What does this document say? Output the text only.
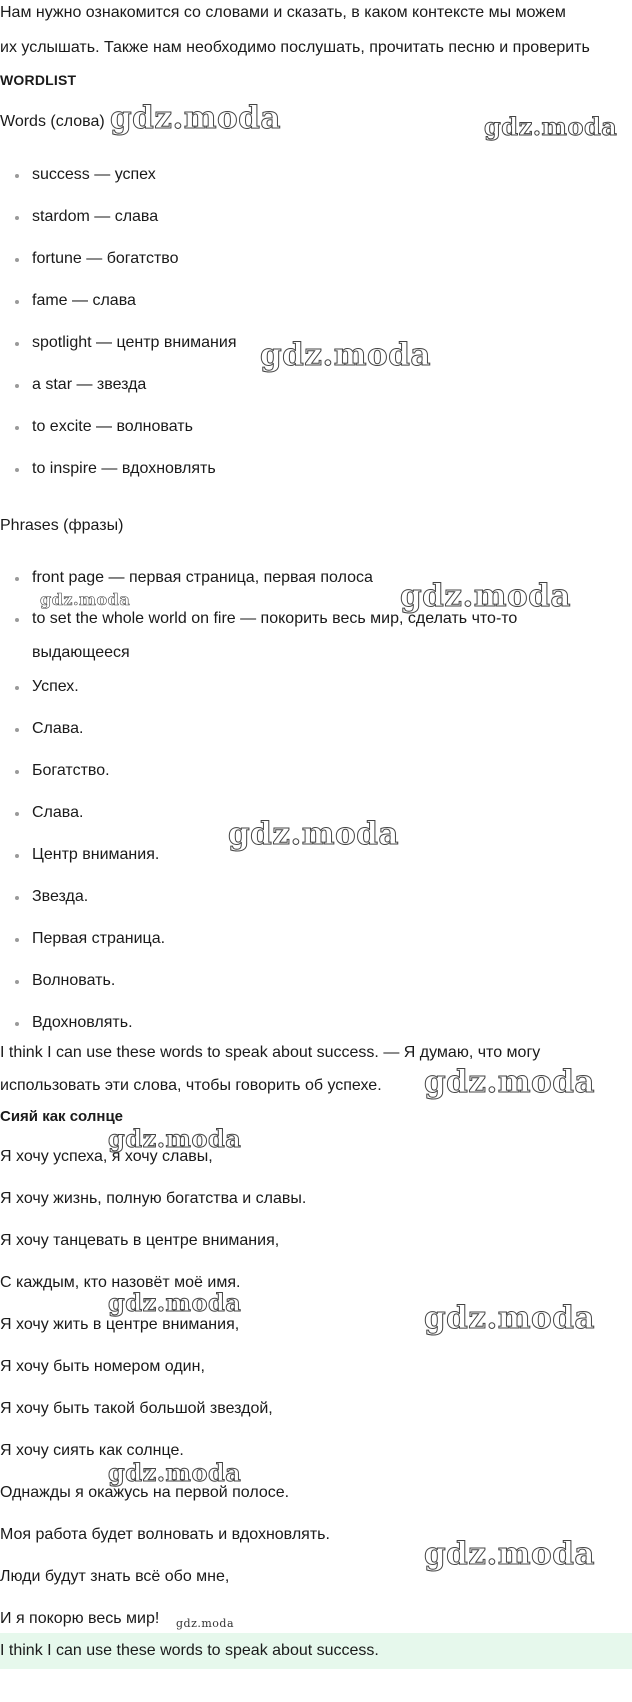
Нам нужно ознакомится со словами и сказать, в каком контексте мы можем
их услышать. Также нам необходимо послушать, прочитать песню и проверить
WORDLIST
Words (слова)
success — успех
stardom — слава
fortune — богатство
fame — слава
spotlight — центр внимания
a star — звезда
to excite — волновать
to inspire — вдохновлять
Phrases (фразы)
front page — первая страница, первая полоса
to set the whole world on fire — покорить весь мир, сделать что-то
выдающееся
Успех.
Слава.
Богатство.
Слава.
Центр внимания.
Звезда.
Первая страница.
Волновать.
Вдохновлять.
I think I can use these words to speak about success. — Я думаю, что могу
использовать эти слова, чтобы говорить об успехе.
Сияй как солнце
Я хочу успеха, я хочу славы,
Я хочу жизнь, полную богатства и славы.
Я хочу танцевать в центре внимания,
С каждым, кто назовёт моё имя.
Я хочу жить в центре внимания,
Я хочу быть номером один,
Я хочу быть такой большой звездой,
Я хочу сиять как солнце.
Однажды я окажусь на первой полосе.
Моя работа будет волновать и вдохновлять.
Люди будут знать всё обо мне,
И я покорю весь мир!
I think I can use these words to speak about success.
gdz.moda	gdz.moda
gdz.moda
gdz.moda	gdz.moda
gdz.moda
gdz.moda
gdz.moda
gdz.moda	gdz.moda
gdz.moda
gdz.moda
gdz.moda
